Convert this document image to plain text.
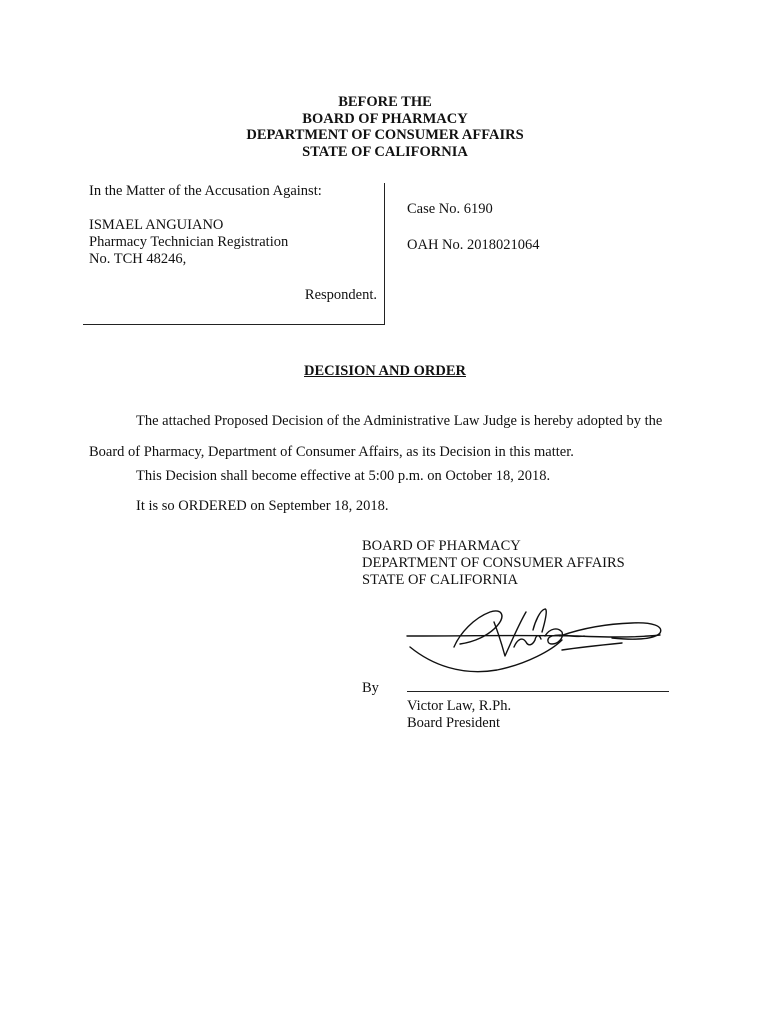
BEFORE THE
BOARD OF PHARMACY
DEPARTMENT OF CONSUMER AFFAIRS
STATE OF CALIFORNIA
In the Matter of the Accusation Against:
ISMAEL ANGUIANO
Pharmacy Technician Registration
No. TCH 48246,
Respondent.
Case No. 6190
OAH No. 2018021064
DECISION AND ORDER
The attached Proposed Decision of the Administrative Law Judge is hereby adopted by the Board of Pharmacy, Department of Consumer Affairs, as its Decision in this matter.
This Decision shall become effective at 5:00 p.m. on October 18, 2018.
It is so ORDERED on September 18, 2018.
BOARD OF PHARMACY
DEPARTMENT OF CONSUMER AFFAIRS
STATE OF CALIFORNIA
By
Victor Law, R.Ph.
Board President
